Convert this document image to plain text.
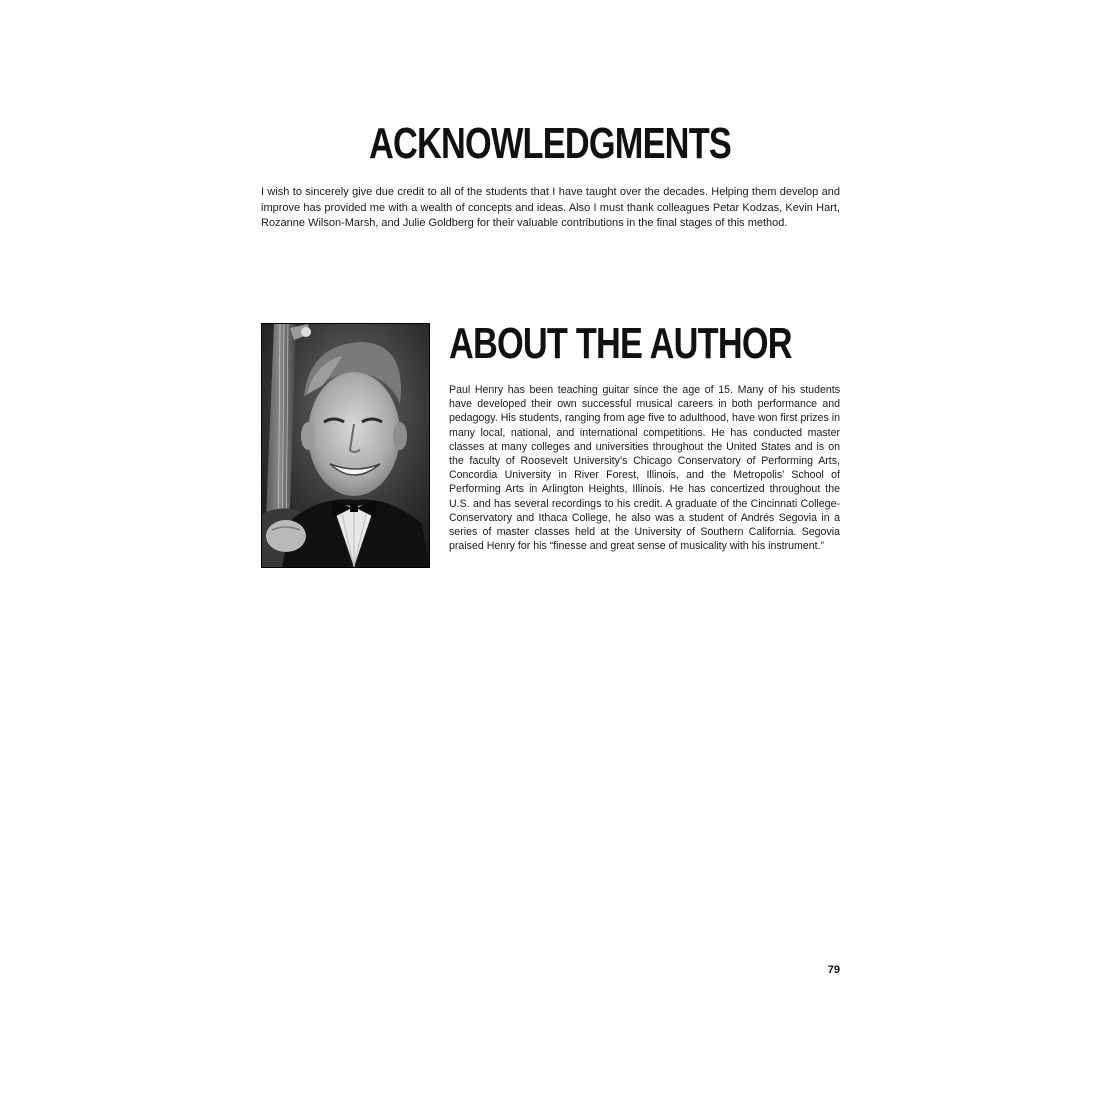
ACKNOWLEDGMENTS

I wish to sincerely give due credit to all of the students that I have taught over the decades. Helping them develop and improve has provided me with a wealth of concepts and ideas. Also I must thank colleagues Petar Kodzas, Kevin Hart, Rozanne Wilson-Marsh, and Julie Goldberg for their valuable contributions in the final stages of this method.

ABOUT THE AUTHOR

Paul Henry has been teaching guitar since the age of 15. Many of his students have developed their own successful musical careers in both performance and pedagogy. His students, ranging from age five to adulthood, have won first prizes in many local, national, and international competitions. He has conducted master classes at many colleges and universities throughout the United States and is on the faculty of Roosevelt University’s Chicago Conservatory of Performing Arts, Concordia University in River Forest, Illinois, and the Metropolis’ School of Performing Arts in Arlington Heights, Illinois. He has concertized throughout the U.S. and has several recordings to his credit. A graduate of the Cincinnati College-Conservatory and Ithaca College, he also was a student of Andrés Segovia in a series of master classes held at the University of Southern California. Segovia praised Henry for his “finesse and great sense of musicality with his instrument.”

79
